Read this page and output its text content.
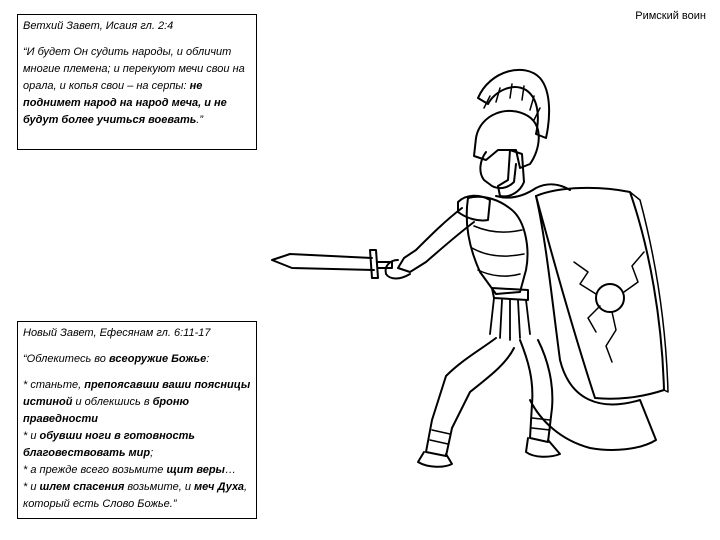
Римский воин

Ветхий Завет, Исаия гл. 2:4

“И будет Он судить народы, и обличит многие племена; и перекуют мечи свои на орала, и копья свои – на серпы: не поднимет народ на народ меча, и не будут более учиться воевать.”

Новый Завет, Ефесянам гл. 6:11-17

“Облекитесь во всеоружие Божье:

* станьте, препоясавши ваши поясницы истиной и облекшись в броню праведности

* и обувши ноги в готовность благовествовать мир;

* а прежде всего возьмите щит веры…

* и шлем спасения возьмите, и меч Духа, который есть Слово Божье.”
